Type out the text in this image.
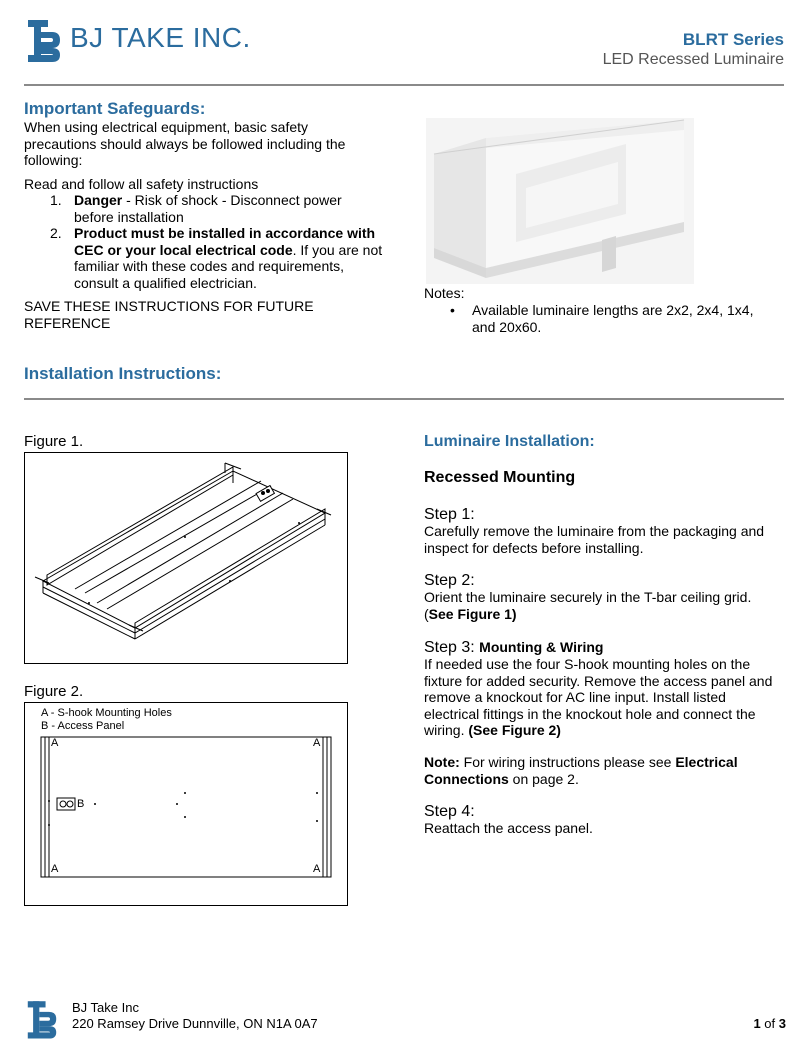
BJ TAKE INC.	BLRT Series
LED Recessed Luminaire
Important Safeguards:
When using electrical equipment, basic safety precautions should always be followed including the following:
Read and follow all safety instructions
1. Danger - Risk of shock - Disconnect power before installation
2. Product must be installed in accordance with CEC or your local electrical code. If you are not familiar with these codes and requirements, consult a qualified electrician.
SAVE THESE INSTRUCTIONS FOR FUTURE REFERENCE
Notes:
• Available luminaire lengths are 2x2, 2x4, 1x4, and 20x60.
Installation Instructions:
Figure 1.
Figure 2.
A - S-hook Mounting Holes
B - Access Panel
A	A
A	A
B
Luminaire Installation:
Recessed Mounting
Step 1:
Carefully remove the luminaire from the packaging and inspect for defects before installing.
Step 2:
Orient the luminaire securely in the T-bar ceiling grid. (See Figure 1)
Step 3: Mounting & Wiring
If needed use the four S-hook mounting holes on the fixture for added security. Remove the access panel and remove a knockout for AC line input. Install listed electrical fittings in the knockout hole and connect the wiring. (See Figure 2)
Note: For wiring instructions please see Electrical Connections on page 2.
Step 4:
Reattach the access panel.
BJ Take Inc
220 Ramsey Drive Dunnville, ON N1A 0A7	1 of 3
